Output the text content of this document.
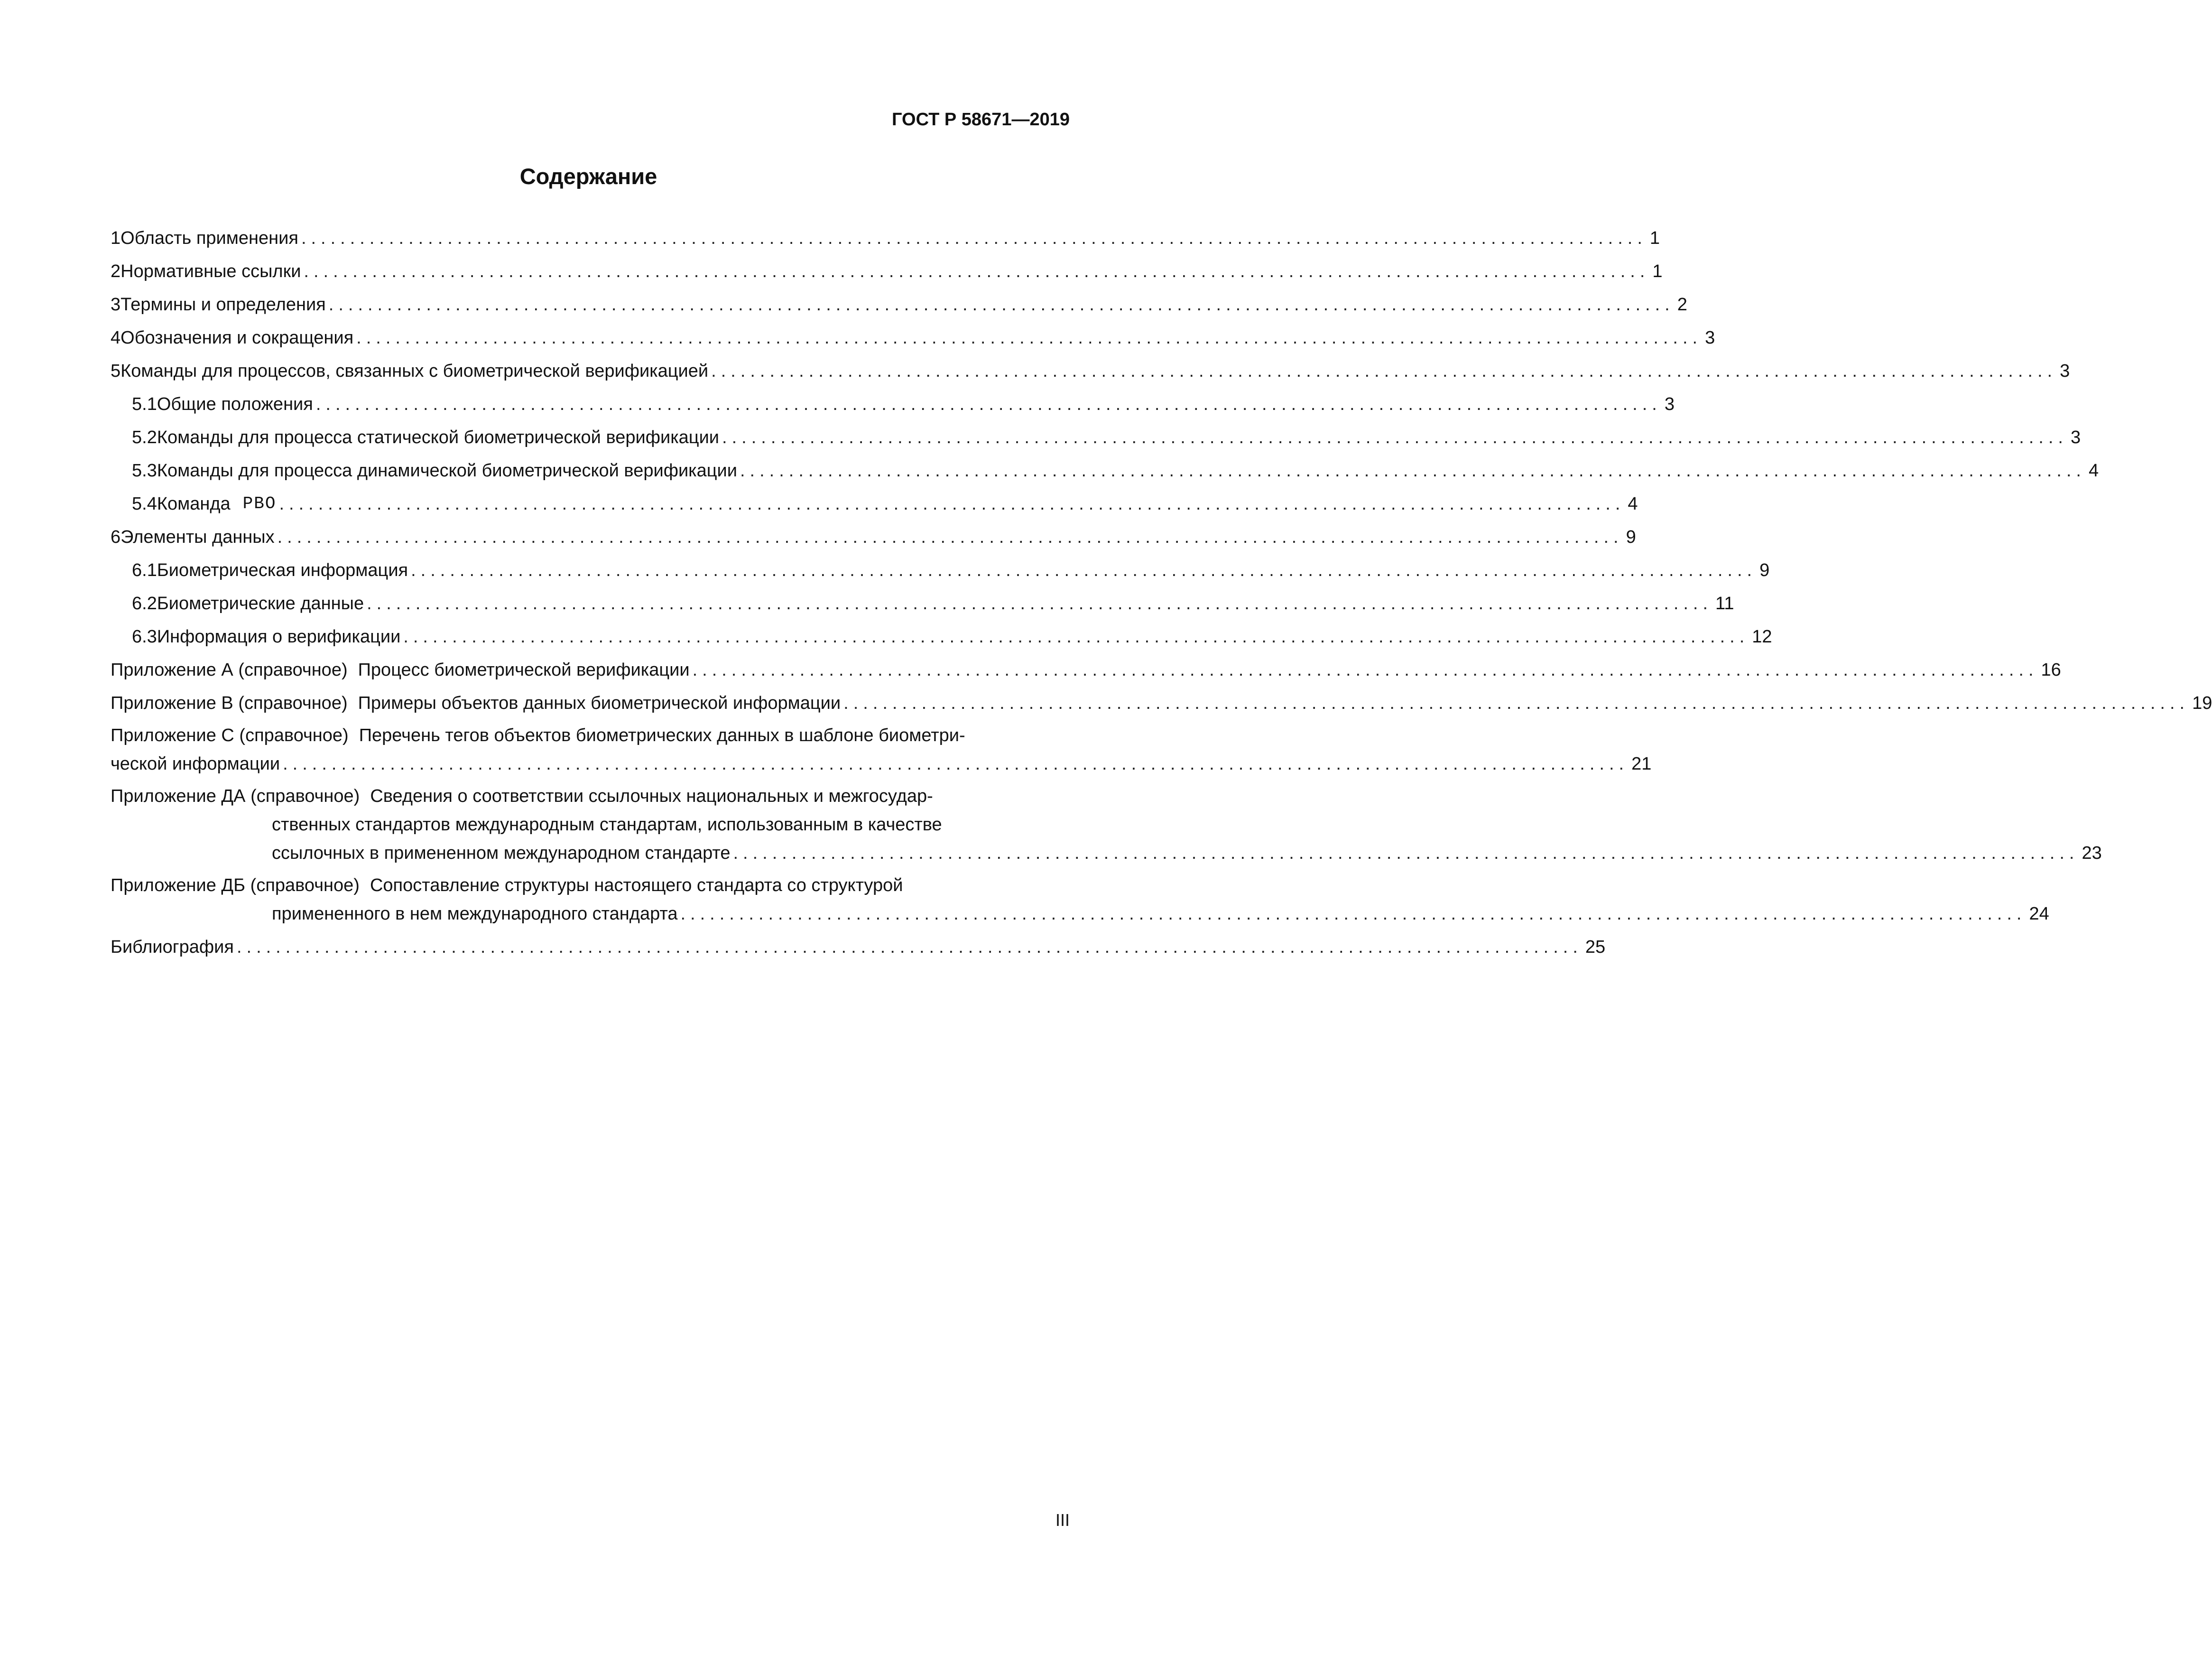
ГОСТ Р 58671—2019
Содержание
1 Область применения .......................................................................................................................................... 1
2 Нормативные ссылки .......................................................................................................................................... 1
3 Термины и определения .......................................................................................................................................... 2
4 Обозначения и сокращения .......................................................................................................................................... 3
5 Команды для процессов, связанных с биометрической верификацией .......................................................................................................................................... 3
5.1 Общие положения .......................................................................................................................................... 3
5.2 Команды для процесса статической биометрической верификации .......................................................................................................................................... 3
5.3 Команды для процесса динамической биометрической верификации .......................................................................................................................................... 4
5.4 Команда PBO .......................................................................................................................................... 4
6 Элементы данных .......................................................................................................................................... 9
6.1 Биометрическая информация .......................................................................................................................................... 9
6.2 Биометрические данные .......................................................................................................................................... 11
6.3 Информация о верификации .......................................................................................................................................... 12
Приложение А (справочное) Процесс биометрической верификации .......................................................................................................................................... 16
Приложение В (справочное) Примеры объектов данных биометрической информации .......................................................................................................................................... 19
Приложение С (справочное) Перечень тегов объектов биометрических данных в шаблоне биометри-
ческой информации .......................................................................................................................................... 21
Приложение ДА (справочное) Сведения о соответствии ссылочных национальных и межгосудар-
ственных стандартов международным стандартам, использованным в качестве
ссылочных в примененном международном стандарте .......................................................................................................................................... 23
Приложение ДБ (справочное) Сопоставление структуры настоящего стандарта со структурой
примененного в нем международного стандарта .......................................................................................................................................... 24
Библиография .......................................................................................................................................... 25
III
